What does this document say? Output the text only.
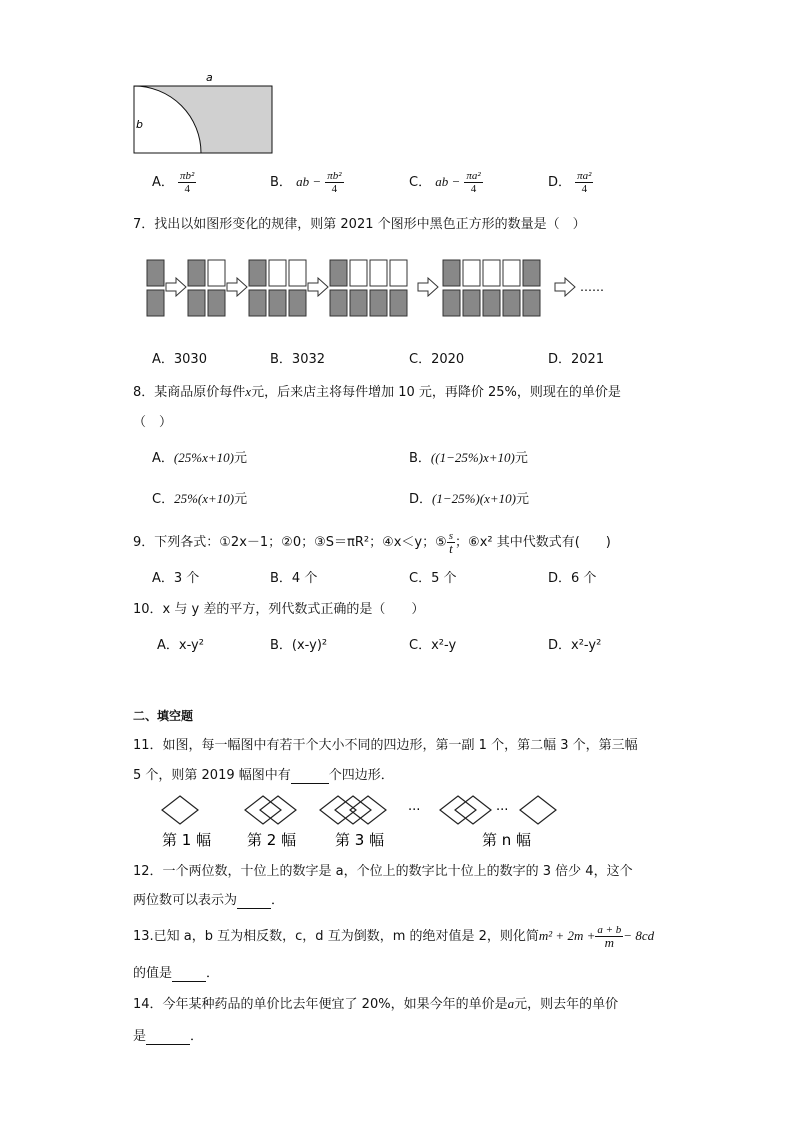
a
b
A． $\frac{\text{πb²}}{4}$	B． ab − $\frac{\text{πb²}}{4}$	C． ab − $\frac{\text{πa²}}{4}$	D． $\frac{\text{πa²}}{4}$
7．找出以如图形变化的规律，则第 2021 个图形中黑色正方形的数量是（　）
……
A．3030	B．3032	C．2020	D．2021
8．某商品原价每件x元，后来店主将每件增加 10 元，再降价 25%，则现在的单价是
（　）
A．(25%x+10)元	B．((1−25%)x+10)元
C．25%(x+10)元	D．(1−25%)(x+10)元
9．下列各式：①2x－1；②0；③S＝πR²；④x＜y；⑤ $\frac{s}{t}$ ；⑥x² 其中代数式有(　　)
A．3 个	B．4 个	C．5 个	D．6 个
10．x 与 y 差的平方，列代数式正确的是（　　）
A．x-y²	B．(x-y)²	C．x²-y	D．x²-y²
二、填空题
11．如图，每一幅图中有若干个大小不同的四边形，第一副 1 个，第二幅 3 个，第三幅
5 个，则第 2019 幅图中有	个四边形．
···	···
第 1 幅 第 2 幅	第 3 幅	第 n 幅
12．一个两位数，十位上的数字是 a，个位上的数字比十位上的数字的 3 倍少 4，这个
两位数可以表示为	．
13.已知 a，b 互为相反数，c，d 互为倒数，m 的绝对值是 2，则化简$m^2 + 2m + \frac{a + b}{m} - 8cd$
的值是	．
14．今年某种药品的单价比去年便宜了 20%，如果今年的单价是a元，则去年的单价
是	．
